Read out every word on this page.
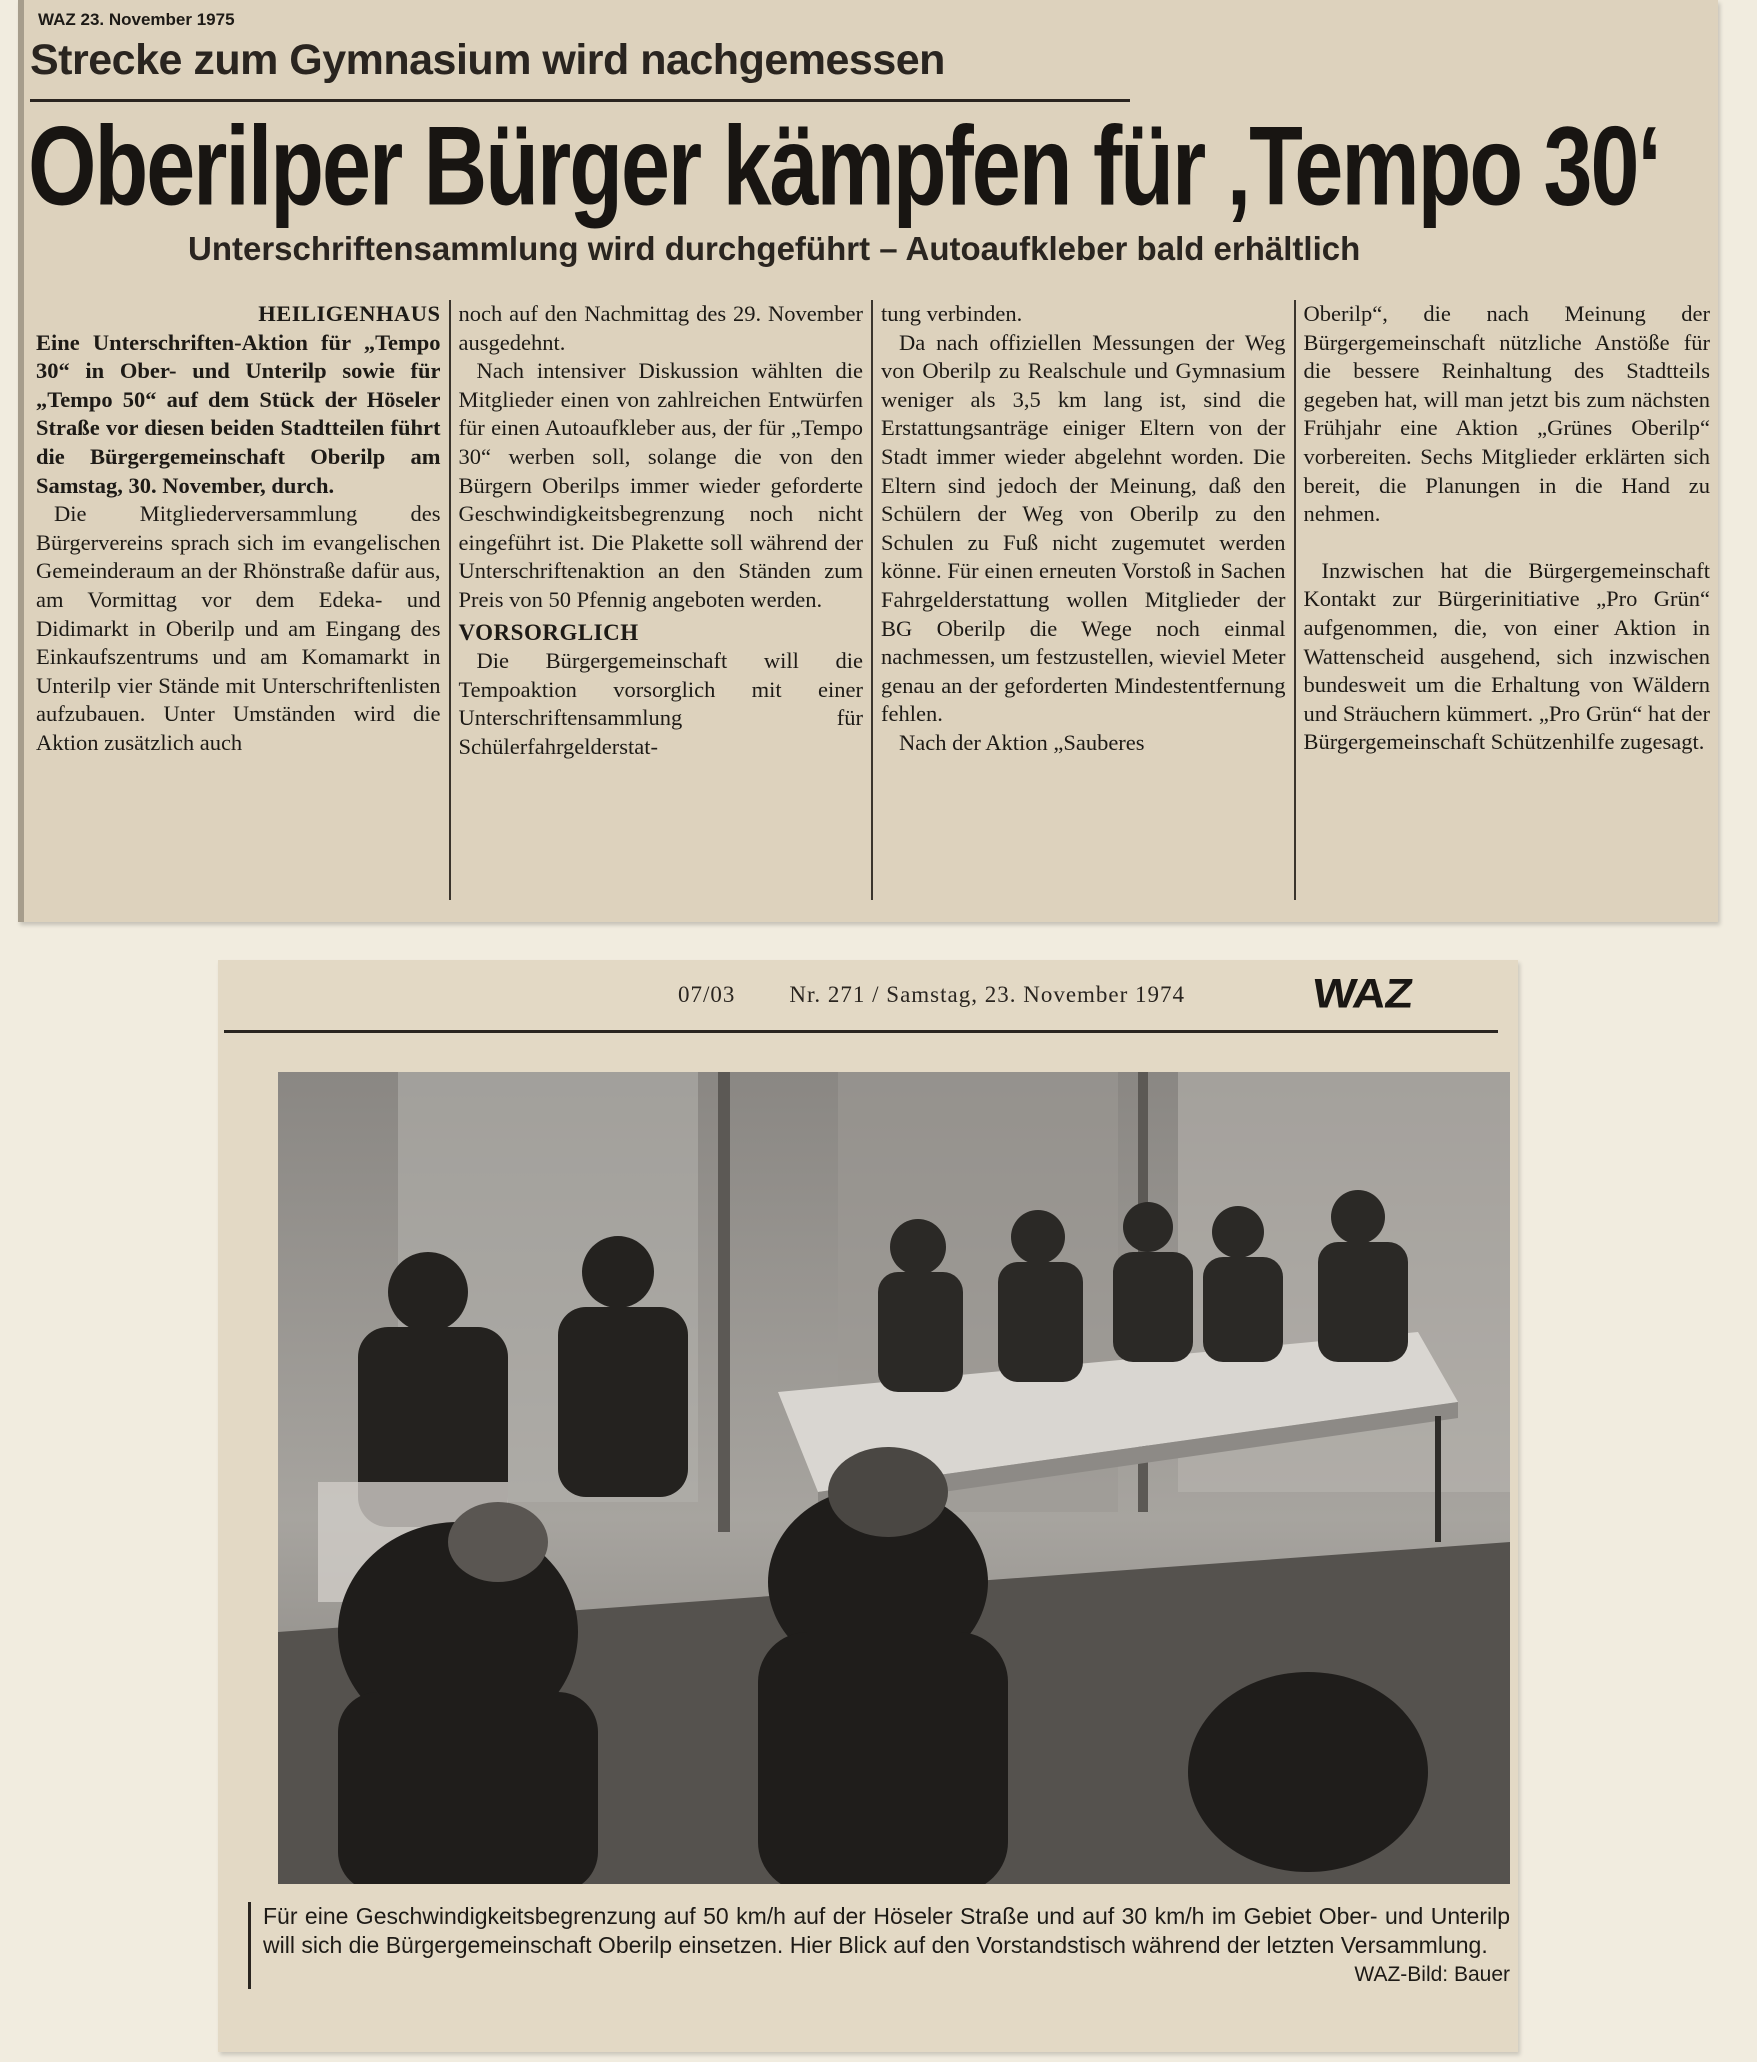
WAZ 23. November 1975
Strecke zum Gymnasium wird nachgemessen
Oberilper Bürger kämpfen für ‚Tempo 30‘
Unterschriftensammlung wird durchgeführt – Autoaufkleber bald erhältlich
HEILIGENHAUS

Eine Unterschriften-Aktion für „Tempo 30“ in Ober- und Unterilp sowie für „Tempo 50“ auf dem Stück der Höseler Straße vor diesen beiden Stadtteilen führt die Bürgergemeinschaft Oberilp am Samstag, 30. November, durch.

Die Mitgliederversammlung des Bürgervereins sprach sich im evangelischen Gemeinderaum an der Rhönstraße dafür aus, am Vormittag vor dem Edeka- und Didimarkt in Oberilp und am Eingang des Einkaufszentrums und am Komamarkt in Unterilp vier Stände mit Unterschriftenlisten aufzubauen. Unter Umständen wird die Aktion zusätzlich auch

noch auf den Nachmittag des 29. November ausgedehnt.

Nach intensiver Diskussion wählten die Mitglieder einen von zahlreichen Entwürfen für einen Autoaufkleber aus, der für „Tempo 30“ werben soll, solange die von den Bürgern Oberilps immer wieder geforderte Geschwindigkeitsbegrenzung noch nicht eingeführt ist. Die Plakette soll während der Unterschriftenaktion an den Ständen zum Preis von 50 Pfennig angeboten werden.

VORSORGLICH

Die Bürgergemeinschaft will die Tempoaktion vorsorglich mit einer Unterschriftensammlung für Schülerfahrgelderstat-

tung verbinden.

Da nach offiziellen Messungen der Weg von Oberilp zu Realschule und Gymnasium weniger als 3,5 km lang ist, sind die Erstattungsanträge einiger Eltern von der Stadt immer wieder abgelehnt worden. Die Eltern sind jedoch der Meinung, daß den Schülern der Weg von Oberilp zu den Schulen zu Fuß nicht zugemutet werden könne. Für einen erneuten Vorstoß in Sachen Fahrgelderstattung wollen Mitglieder der BG Oberilp die Wege noch einmal nachmessen, um festzustellen, wieviel Meter genau an der geforderten Mindestentfernung fehlen.

Nach der Aktion „Sauberes

Oberilp“, die nach Meinung der Bürgergemeinschaft nützliche Anstöße für die bessere Reinhaltung des Stadtteils gegeben hat, will man jetzt bis zum nächsten Frühjahr eine Aktion „Grünes Oberilp“ vorbereiten. Sechs Mitglieder erklärten sich bereit, die Planungen in die Hand zu nehmen.

Inzwischen hat die Bürgergemeinschaft Kontakt zur Bürgerinitiative „Pro Grün“ aufgenommen, die, von einer Aktion in Wattenscheid ausgehend, sich inzwischen bundesweit um die Erhaltung von Wäldern und Sträuchern kümmert. „Pro Grün“ hat der Bürgergemeinschaft Schützenhilfe zugesagt.

07/03 Nr. 271 / Samstag, 23. November 1974	WAZ
Für eine Geschwindigkeitsbegrenzung auf 50 km/h auf der Höseler Straße und auf 30 km/h im Gebiet Ober- und Unterilp will sich die Bürgergemeinschaft Oberilp einsetzen. Hier Blick auf den Vorstandstisch während der letzten Versammlung.
WAZ-Bild: Bauer
